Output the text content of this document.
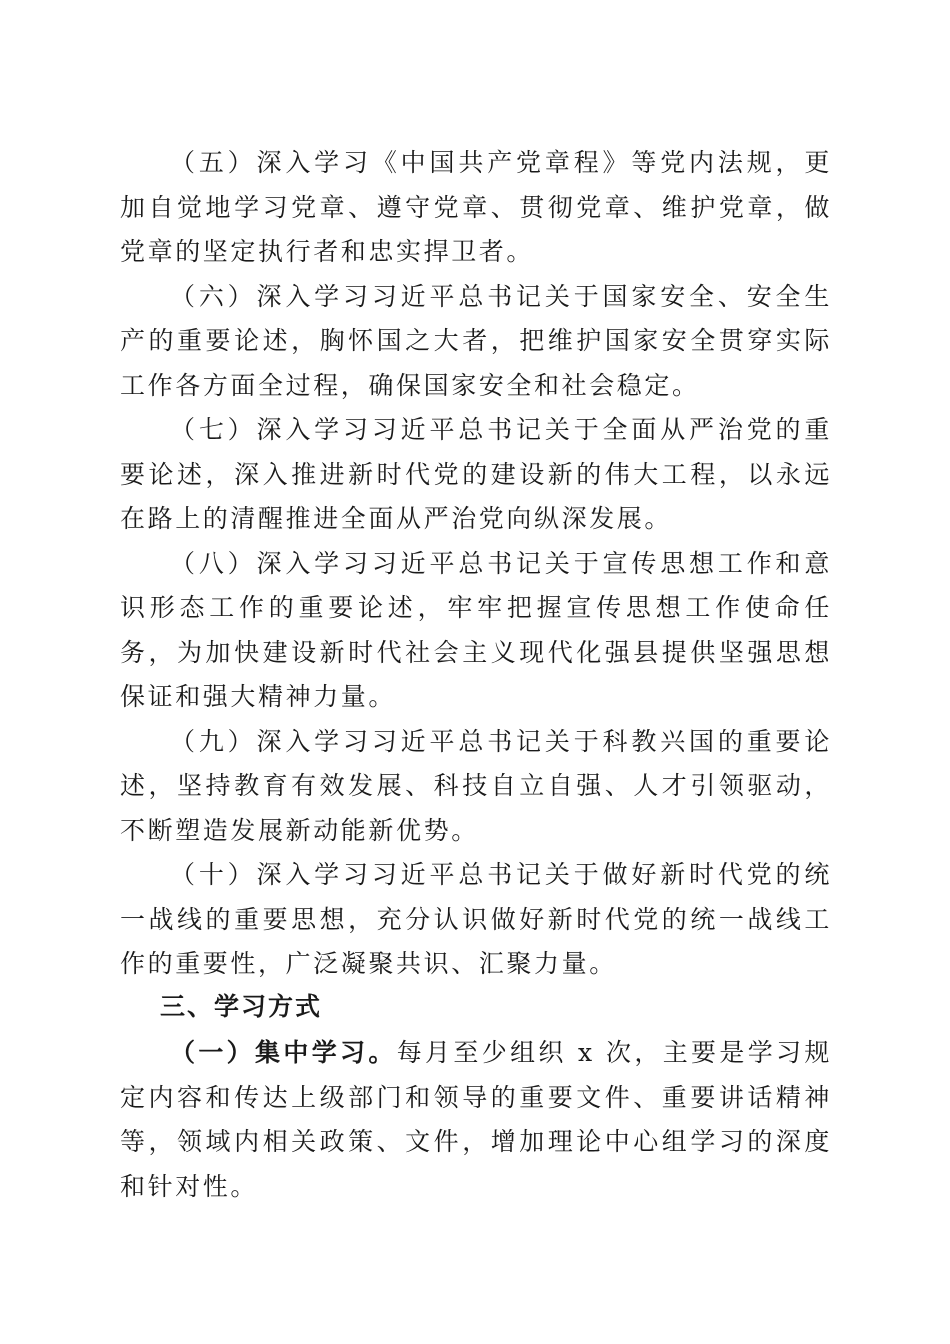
（五）深入学习《中国共产党章程》等党内法规，更加自觉地学习党章、遵守党章、贯彻党章、维护党章，做党章的坚定执行者和忠实捍卫者。

（六）深入学习习近平总书记关于国家安全、安全生产的重要论述，胸怀国之大者，把维护国家安全贯穿实际工作各方面全过程，确保国家安全和社会稳定。

（七）深入学习习近平总书记关于全面从严治党的重要论述，深入推进新时代党的建设新的伟大工程，以永远在路上的清醒推进全面从严治党向纵深发展。

（八）深入学习习近平总书记关于宣传思想工作和意识形态工作的重要论述，牢牢把握宣传思想工作使命任务，为加快建设新时代社会主义现代化强县提供坚强思想保证和强大精神力量。

（九）深入学习习近平总书记关于科教兴国的重要论述，坚持教育有效发展、科技自立自强、人才引领驱动，不断塑造发展新动能新优势。

（十）深入学习习近平总书记关于做好新时代党的统一战线的重要思想，充分认识做好新时代党的统一战线工作的重要性，广泛凝聚共识、汇聚力量。

三、学习方式

（一）集中学习。每月至少组织 x 次，主要是学习规定内容和传达上级部门和领导的重要文件、重要讲话精神等，领域内相关政策、文件，增加理论中心组学习的深度和针对性。
